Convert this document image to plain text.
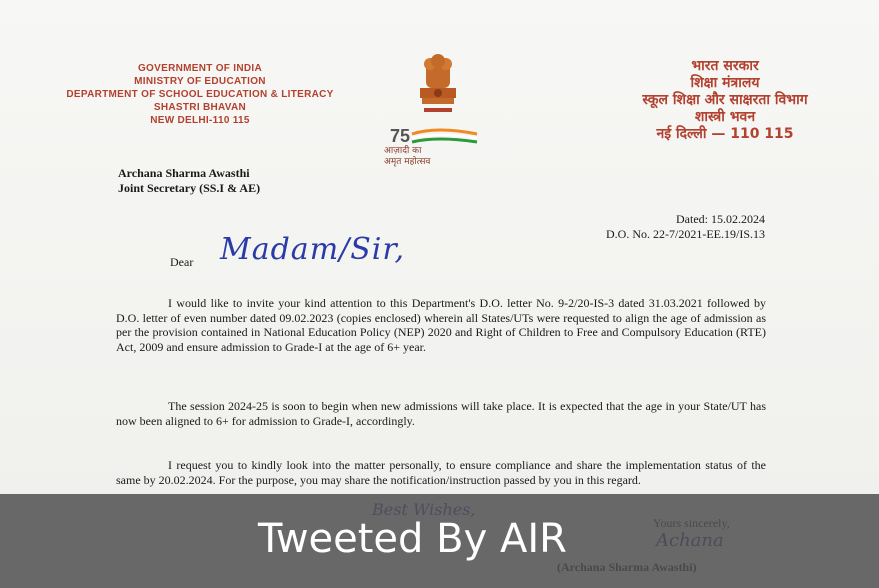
GOVERNMENT OF INDIA
MINISTRY OF EDUCATION
DEPARTMENT OF SCHOOL EDUCATION & LITERACY
SHASTRI BHAVAN
NEW DELHI-110 115
75
आज़ादी का
अमृत महोत्सव
भारत सरकार
शिक्षा मंत्रालय
स्कूल शिक्षा और साक्षरता विभाग
शास्त्री भवन
नई दिल्ली — 110 115
Archana Sharma Awasthi
Joint Secretary (SS.I & AE)
Dated: 15.02.2024
D.O. No. 22-7/2021-EE.19/IS.13
Dear Madam/Sir,

I would like to invite your kind attention to this Department's D.O. letter No. 9-2/20-IS-3 dated 31.03.2021 followed by D.O. letter of even number dated 09.02.2023 (copies enclosed) wherein all States/UTs were requested to align the age of admission as per the provision contained in National Education Policy (NEP) 2020 and Right of Children to Free and Compulsory Education (RTE) Act, 2009 and ensure admission to Grade-I at the age of 6+ year.

The session 2024-25 is soon to begin when new admissions will take place. It is expected that the age in your State/UT has now been aligned to 6+ for admission to Grade-I, accordingly.

I request you to kindly look into the matter personally, to ensure compliance and share the implementation status of the same by 20.02.2024. For the purpose, you may share the notification/instruction passed by you in this regard.

Tweeted By AIR
